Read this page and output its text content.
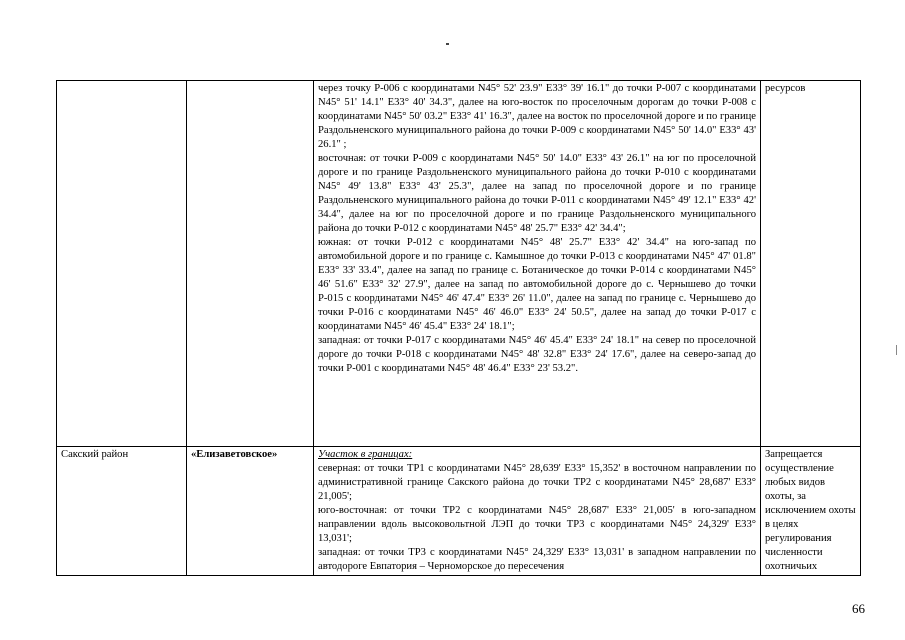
		через точку Р-006 с координатами N45° 52' 23.9" E33° 39' 16.1" до точки Р-007 с координатами N45° 51' 14.1" E33° 40' 34.3", далее на юго-восток по проселочным дорогам до точки Р-008 с координатами N45° 50' 03.2" E33° 41' 16.3", далее на восток по проселочной дороге и по границе Раздольненского муниципального района до точки Р-009 с координатами N45° 50' 14.0" E33° 43' 26.1" ;
восточная: от точки Р-009 с координатами N45° 50' 14.0" E33° 43' 26.1" на юг по проселочной дороге и по границе Раздольненского муниципального района до точки Р-010 с координатами N45° 49' 13.8" E33° 43' 25.3", далее на запад по проселочной дороге и по границе Раздольненского муниципального района до точки Р-011 с координатами N45° 49' 12.1" E33° 42' 34.4", далее на юг по проселочной дороге и по границе Раздольненского муниципального района до точки Р-012 с координатами N45° 48' 25.7" E33° 42' 34.4";
южная: от точки Р-012 с координатами N45° 48' 25.7" E33° 42' 34.4" на юго-запад по автомобильной дороге и по границе с. Камышное до точки Р-013 с координатами N45° 47' 01.8" E33° 33' 33.4", далее на запад по границе с. Ботаническое до точки Р-014 с координатами N45° 46' 51.6" E33° 32' 27.9", далее на запад по автомобильной дороге до с. Чернышево до точки Р-015 с координатами N45° 46' 47.4" E33° 26' 11.0", далее на запад по границе с. Чернышево до точки Р-016 с координатами N45° 46' 46.0" E33° 24' 50.5", далее на запад до точки Р-017 с координатами N45° 46' 45.4" E33° 24' 18.1";
западная: от точки Р-017 с координатами N45° 46' 45.4" E33° 24' 18.1" на север по проселочной дороге до точки Р-018 с координатами N45° 48' 32.8" E33° 24' 17.6", далее на северо-запад до точки Р-001 с координатами N45° 48' 46.4" E33° 23' 53.2".	ресурсов
Сакский район	«Елизаветовское»	Участок в границах:
северная: от точки ТР1 с координатами N45° 28,639' E33° 15,352' в восточном направлении по административной границе Сакского района до точки ТР2 с координатами N45° 28,687' E33° 21,005';
юго-восточная: от точки ТР2 с координатами N45° 28,687' E33° 21,005' в юго-западном направлении вдоль высоковольтной ЛЭП до точки ТР3 с координатами N45° 24,329' E33° 13,031';
западная: от точки ТР3 с координатами N45° 24,329' E33° 13,031' в западном направлении по автодороге Евпатория – Черноморское до пересечения	Запрещается осуществление любых видов охоты, за исключением охоты в целях регулирования численности охотничьих
66
